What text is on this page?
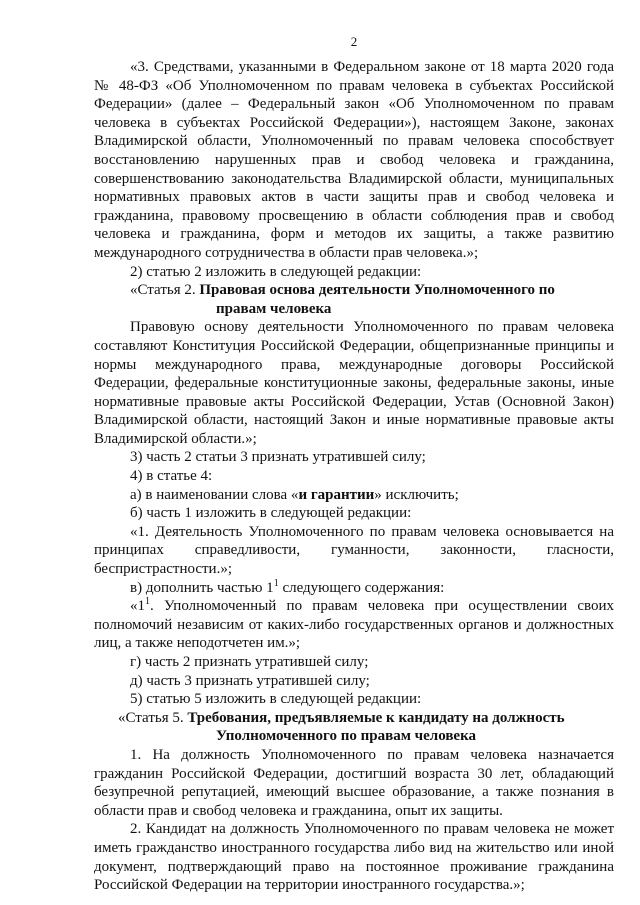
2

«3. Средствами, указанными в Федеральном законе от 18 марта 2020 года № 48-ФЗ «Об Уполномоченном по правам человека в субъектах Российской Федерации» (далее – Федеральный закон «Об Уполномоченном по правам человека в субъектах Российской Федерации»), настоящем Законе, законах Владимирской области, Уполномоченный по правам человека способствует восстановлению нарушенных прав и свобод человека и гражданина, совершенствованию законодательства Владимирской области, муниципальных нормативных правовых актов в части защиты прав и свобод человека и гражданина, правовому просвещению в области соблюдения прав и свобод человека и гражданина, форм и методов их защиты, а также развитию международного сотрудничества в области прав человека.»;

2) статью 2 изложить в следующей редакции:

«Статья 2. Правовая основа деятельности Уполномоченного по

правам человека

Правовую основу деятельности Уполномоченного по правам человека составляют Конституция Российской Федерации, общепризнанные принципы и нормы международного права, международные договоры Российской Федерации, федеральные конституционные законы, федеральные законы, иные нормативные правовые акты Российской Федерации, Устав (Основной Закон) Владимирской области, настоящий Закон и иные нормативные правовые акты Владимирской области.»;

3) часть 2 статьи 3 признать утратившей силу;

4) в статье 4:

а) в наименовании слова «и гарантии» исключить;

б) часть 1 изложить в следующей редакции:

«1. Деятельность Уполномоченного по правам человека основывается на принципах справедливости, гуманности, законности, гласности, беспристрастности.»;

в) дополнить частью $1^1$ следующего содержания:

«$1^1$. Уполномоченный по правам человека при осуществлении своих полномочий независим от каких-либо государственных органов и должностных лиц, а также неподотчетен им.»;

г) часть 2 признать утратившей силу;

д) часть 3 признать утратившей силу;

5) статью 5 изложить в следующей редакции:

«Статья 5. Требования, предъявляемые к кандидату на должность

Уполномоченного по правам человека

1. На должность Уполномоченного по правам человека назначается гражданин Российской Федерации, достигший возраста 30 лет, обладающий безупречной репутацией, имеющий высшее образование, а также познания в области прав и свобод человека и гражданина, опыт их защиты.

2. Кандидат на должность Уполномоченного по правам человека не может иметь гражданство иностранного государства либо вид на жительство или иной документ, подтверждающий право на постоянное проживание гражданина Российской Федерации на территории иностранного государства.»;
